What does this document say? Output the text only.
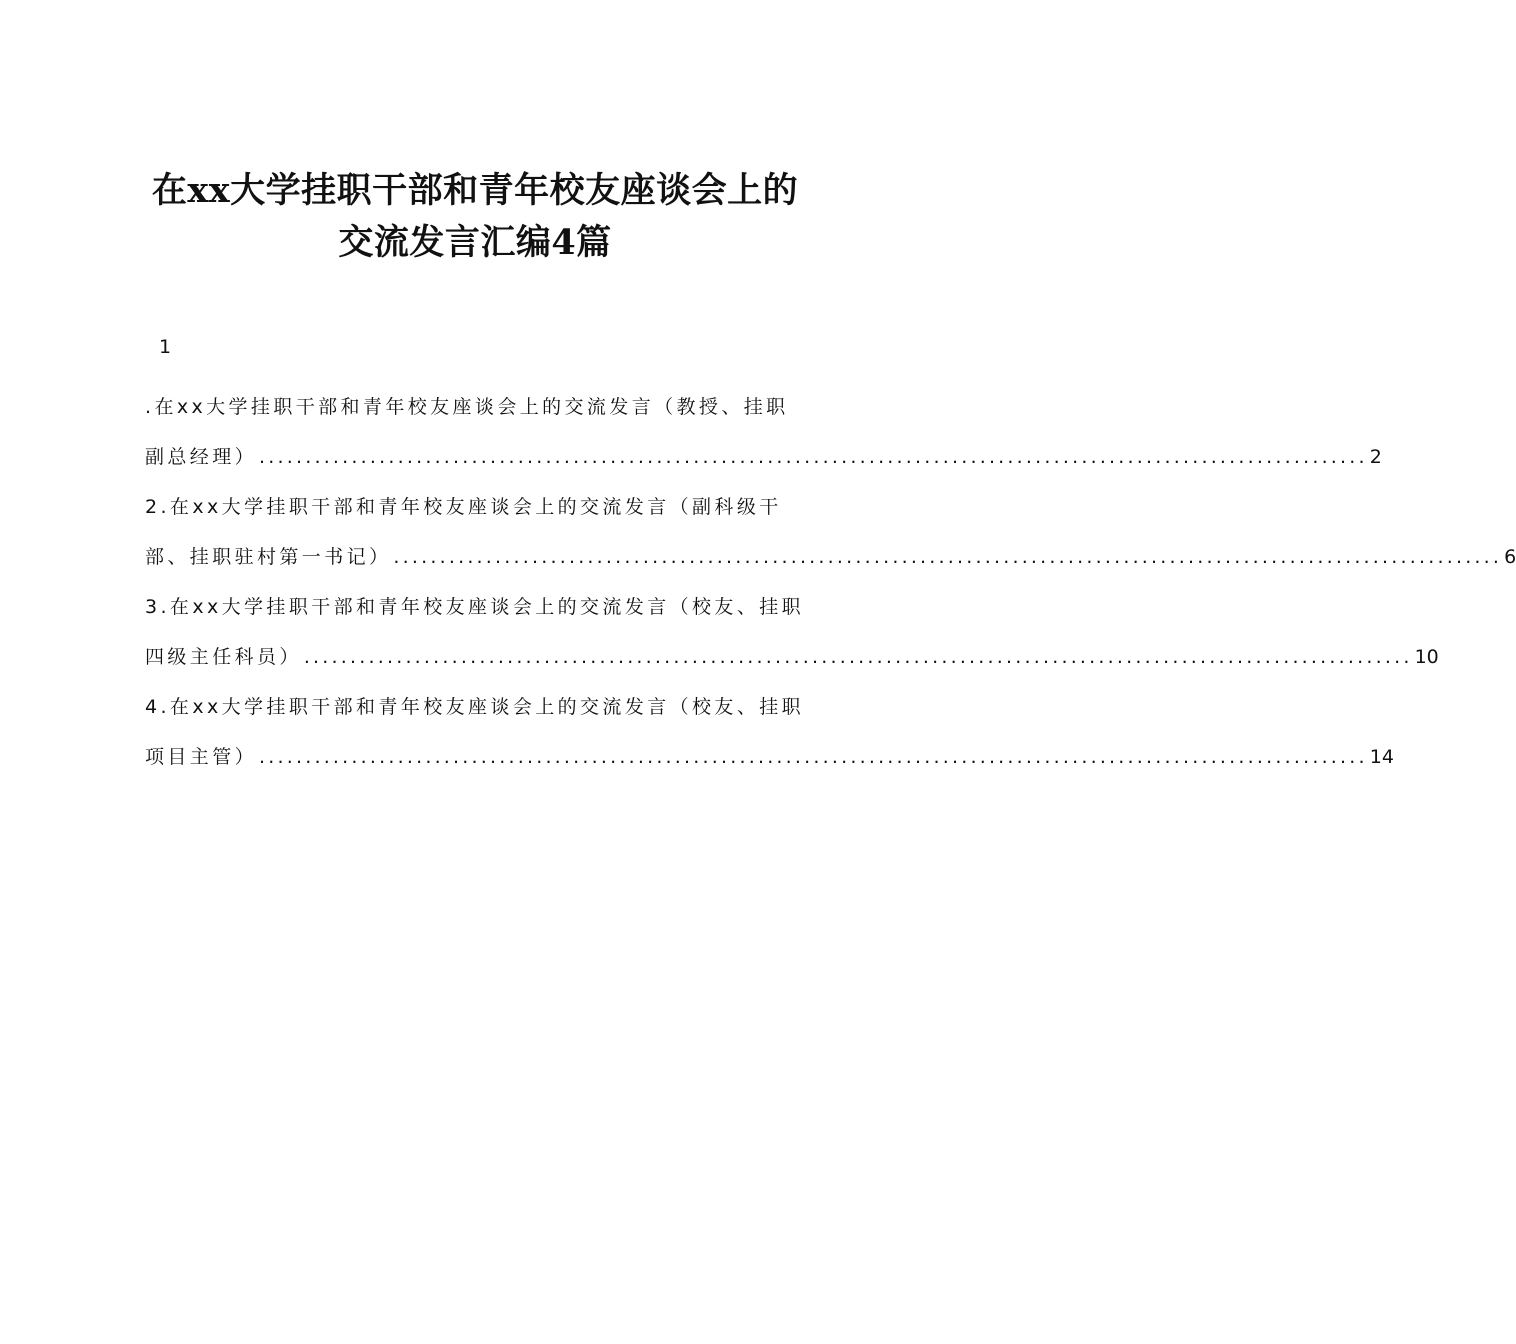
在xx大学挂职干部和青年校友座谈会上的
交流发言汇编4篇
1
.在xx大学挂职干部和青年校友座谈会上的交流发言（教授、挂职
副总经理） ........................................................................................................................ 2
2.在xx大学挂职干部和青年校友座谈会上的交流发言（副科级干
部、挂职驻村第一书记） ........................................................................................................................ 6
3.在xx大学挂职干部和青年校友座谈会上的交流发言（校友、挂职
四级主任科员） ........................................................................................................................ 10
4.在xx大学挂职干部和青年校友座谈会上的交流发言（校友、挂职
项目主管） ........................................................................................................................ 14
